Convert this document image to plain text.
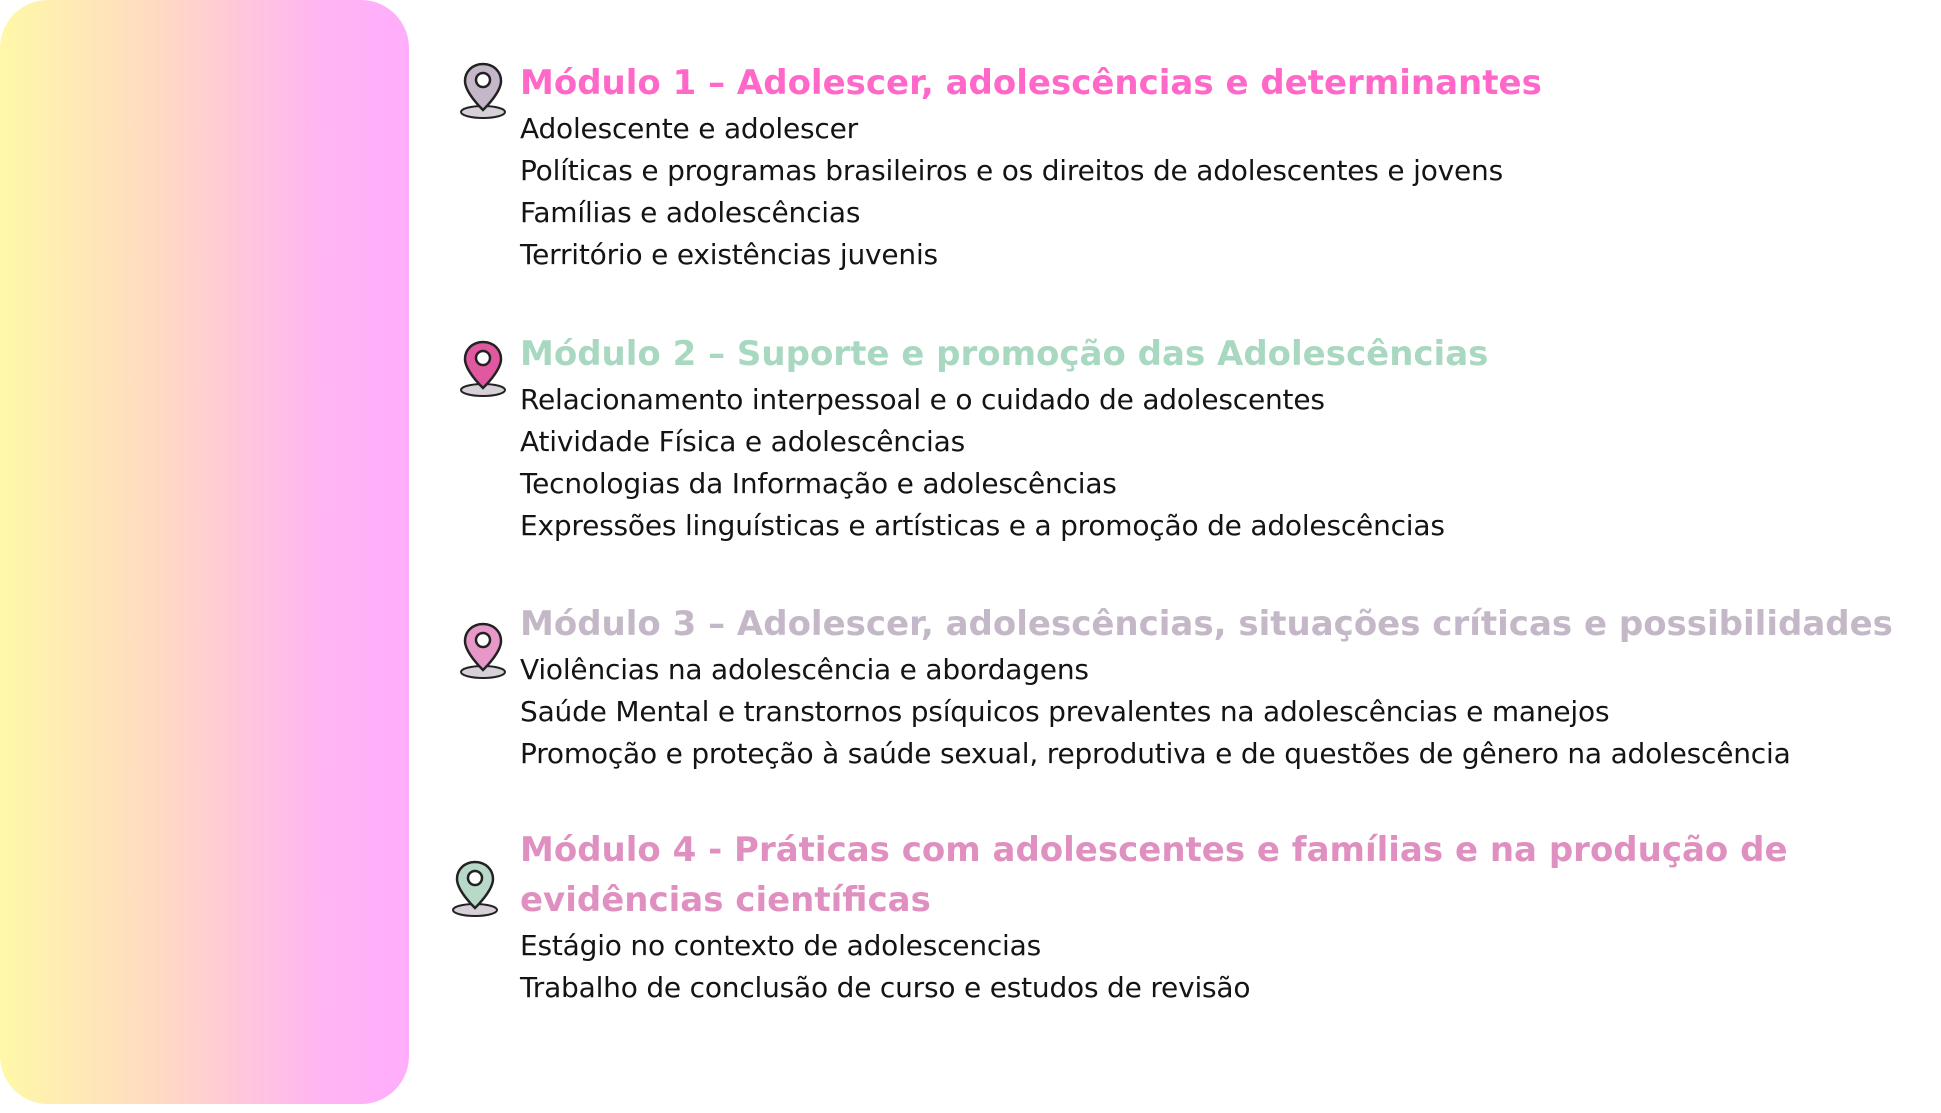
Módulo 1 – Adolescer, adolescências e determinantes
Adolescente e adolescer
Políticas e programas brasileiros e os direitos de adolescentes e jovens
Famílias e adolescências
Território e existências juvenis
Módulo 2 – Suporte e promoção das Adolescências
Relacionamento interpessoal e o cuidado de adolescentes
Atividade Física e adolescências
Tecnologias da Informação e adolescências
Expressões linguísticas e artísticas e a promoção de adolescências
Módulo 3 – Adolescer, adolescências, situações críticas e possibilidades
Violências na adolescência e abordagens
Saúde Mental e transtornos psíquicos prevalentes na adolescências e manejos
Promoção e proteção à saúde sexual, reprodutiva e de questões de gênero na adolescência
Módulo 4 - Práticas com adolescentes e famílias e na produção de evidências científicas
Estágio no contexto de adolescencias
Trabalho de conclusão de curso e estudos de revisão
